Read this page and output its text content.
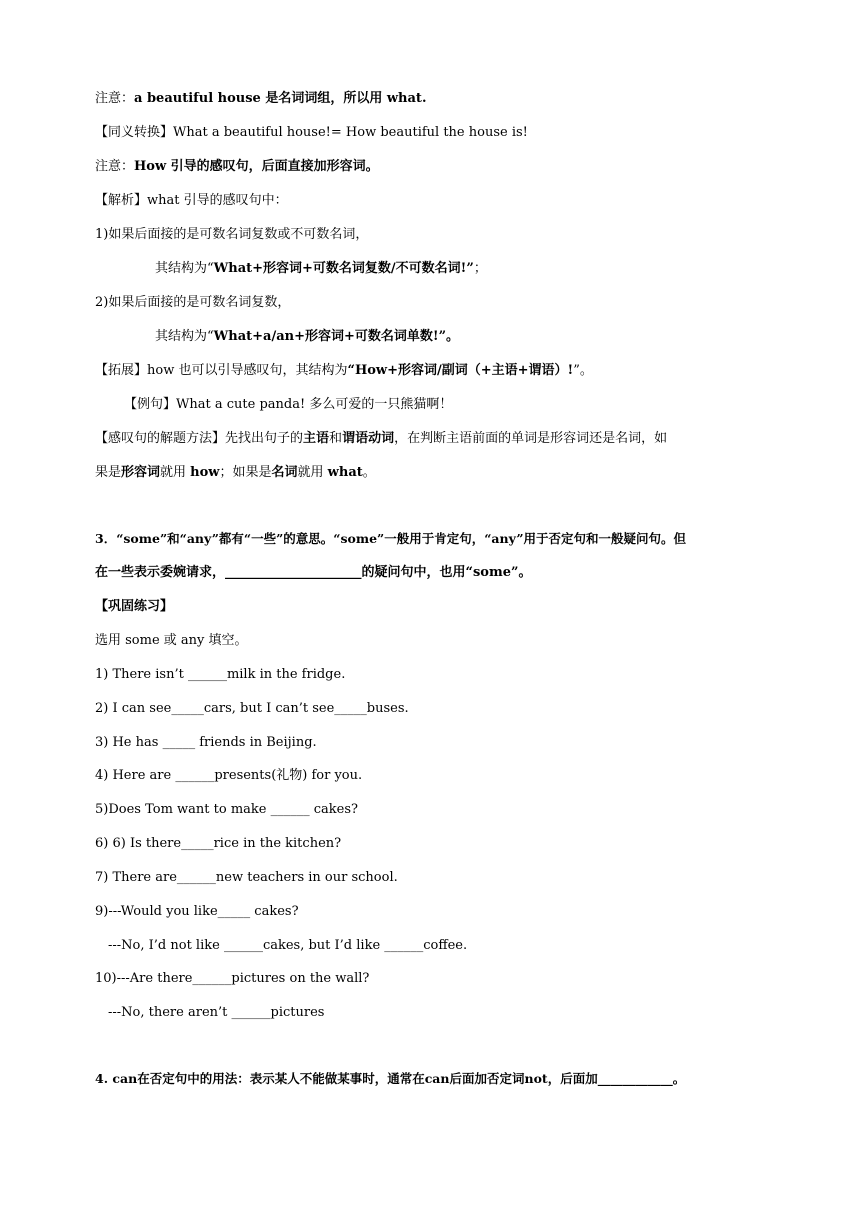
注意：a beautiful house 是名词词组，所以用 what.
【同义转换】What a beautiful house!= How beautiful the house is!
注意：How 引导的感叹句，后面直接加形容词。
【解析】what 引导的感叹句中：
1)如果后面接的是可数名词复数或不可数名词，
其结构为“What+形容词+可数名词复数/不可数名词!”；
2)如果后面接的是可数名词复数，
其结构为“What+a/an+形容词+可数名词单数!”。
【拓展】how 也可以引导感叹句，其结构为“How+形容词/副词（+主语+谓语）!”。
【例句】What a cute panda! 多么可爱的一只熊猫啊！
【感叹句的解题方法】先找出句子的主语和谓语动词，在判断主语前面的单词是形容词还是名词，如
果是形容词就用 how；如果是名词就用 what。
3．“some”和“any”都有“一些”的意思。“some”一般用于肯定句，“any”用于否定句和一般疑问句。但
在一些表示委婉请求，_____________________的疑问句中，也用“some”。
【巩固练习】
选用 some 或 any 填空。
1) There isn’t ______milk in the fridge.
2) I can see_____cars, but I can’t see_____buses.
3) He has _____ friends in Beijing.
4) Here are ______presents(礼物) for you.
5)Does Tom want to make ______ cakes?
6) 6) Is there_____rice in the kitchen?
7) There are______new teachers in our school.
9)---Would you like_____ cakes?
---No, I’d not like ______cakes, but I’d like ______coffee.
10)---Are there______pictures on the wall?
---No, there aren’t ______pictures
4. can在否定句中的用法：表示某人不能做某事时，通常在can后面加否定词not，后面加____________。
